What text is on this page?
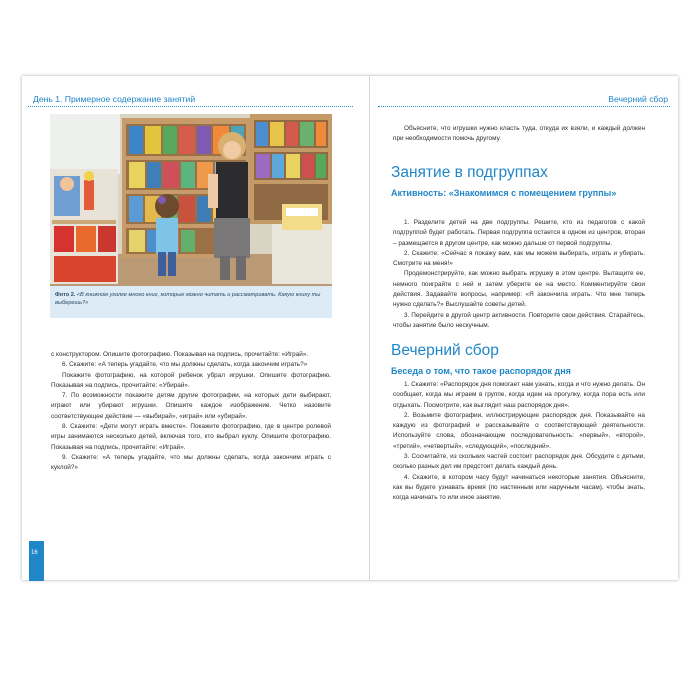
День 1. Примерное содержание занятий
Фото 2. «В книжном уголке много книг, которые можно читать и рассматривать. Какую книгу ты выберешь?»

с конструктором. Опишите фотографию. Показывая на подпись, прочитайте: «Играй».

6. Скажите: «А теперь угадайте, что мы должны сделать, когда закончим играть?»

Покажите фотографию, на которой ребенок убрал игрушки. Опишите фотографию. Показывая на подпись, прочитайте: «Убирай».

7. По возможности покажите детям другие фотографии, на которых дети выбирают, играют или убирают игрушки. Опишите каждое изображение. Четко назовите соответствующее действие — «выбирай», «играй» или «убирай».

8. Скажите: «Дети могут играть вместе». Покажите фотографию, где в центре ролевой игры занимаются несколько детей, включая того, кто выбрал куклу. Опишите фотографию. Показывая на подпись, прочитайте: «Играй».

9. Скажите: «А теперь угадайте, что мы должны сделать, когда закончим играть с куклой?»

16
Вечерний сбор

Объясните, что игрушки нужно класть туда, откуда их взяли, и каждый должен при необходимости помочь другому.

Занятие в подгруппах
Активность: «Знакомимся с помещением группы»

1. Разделите детей на две подгруппы. Решите, кто из педагогов с какой подгруппой будет работать. Первая подгруппа остается в одном из центров, вторая – размещается в другом центре, как можно дальше от первой подгруппы.

2. Скажите: «Сейчас я покажу вам, как мы можем выбирать, играть и убирать. Смотрите на меня!»

Продемонстрируйте, как можно выбрать игрушку в этом центре. Вытащите ее, немного поиграйте с ней и затем уберите ее на место. Комментируйте свои действия. Задавайте вопросы, например: «Я закончила играть. Что мне теперь нужно сделать?» Выслушайте советы детей.

3. Перейдите в другой центр активности. Повторите свои действия. Старайтесь, чтобы занятие было нескучным.

Вечерний сбор
Беседа о том, что такое распорядок дня

1. Скажите: «Распорядок дня помогает нам узнать, когда и что нужно делать. Он сообщает, когда мы играем в группе, когда идем на прогулку, когда пора есть или отдыхать. Посмотрите, как выглядит наш распорядок дня».

2. Возьмите фотографии, иллюстрирующие распорядок дня. Показывайте на каждую из фотографий и рассказывайте о соответствующей деятельности. Используйте слова, обозначающие последовательность: «первый», «второй», «третий», «четвертый», «следующий», «последний».

3. Сосчитайте, из скольких частей состоит распорядок дня. Обсудите с детьми, сколько разных дел им предстоит делать каждый день.

4. Скажите, в котором часу будут начинаться некоторые занятия. Объясните, как вы будете узнавать время (по настенным или наручным часам), чтобы знать, когда начинать то или иное занятие.
